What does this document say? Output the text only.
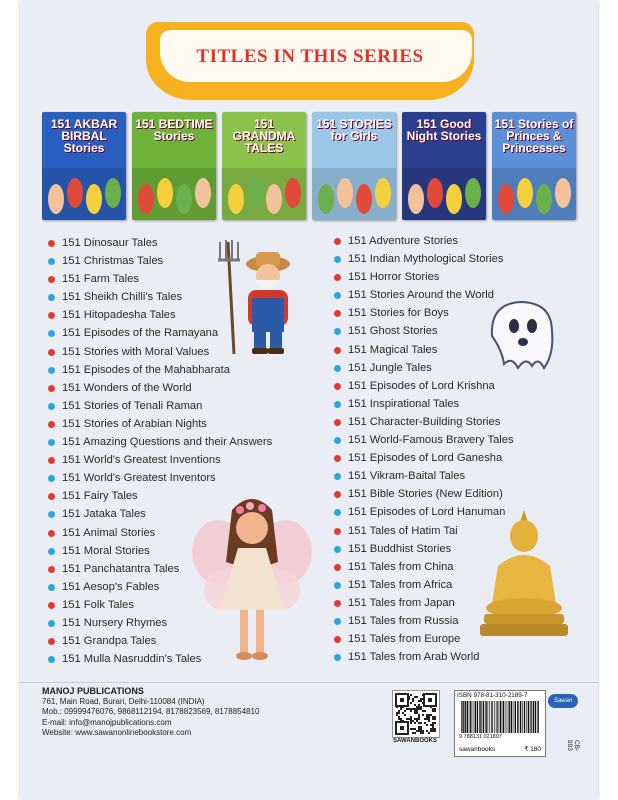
TITLES IN THIS SERIES
151 AKBAR BIRBAL Stories
151 BEDTIME Stories
151 GRANDMA TALES
151 STORIES for Girls
151 Good Night Stories
151 Stories of Princes & Princesses
151 Dinosaur Tales
151 Christmas Tales
151 Farm Tales
151 Sheikh Chilli's Tales
151 Hitopadesha Tales
151 Episodes of the Ramayana
151 Stories with Moral Values
151 Episodes of the Mahabharata
151 Wonders of the World
151 Stories of Tenali Raman
151 Stories of Arabian Nights
151 Amazing Questions and their Answers
151 World's Greatest Inventions
151 World's Greatest Inventors
151 Fairy Tales
151 Jataka Tales
151 Animal Stories
151 Moral Stories
151 Panchatantra Tales
151 Aesop's Fables
151 Folk Tales
151 Nursery Rhymes
151 Grandpa Tales
151 Mulla Nasruddin's Tales
151 Adventure Stories
151 Indian Mythological Stories
151 Horror Stories
151 Stories Around the World
151 Stories for Boys
151 Ghost Stories
151 Magical Tales
151 Jungle Tales
151 Episodes of Lord Krishna
151 Inspirational Tales
151 Character-Building Stories
151 World-Famous Bravery Tales
151 Episodes of Lord Ganesha
151 Vikram-Baital Tales
151 Bible Stories (New Edition)
151 Episodes of Lord Hanuman
151 Tales of Hatim Tai
151 Buddhist Stories
151 Tales from China
151 Tales from Africa
151 Tales from Japan
151 Tales from Russia
151 Tales from Europe
151 Tales from Arab World
MANOJ PUBLICATIONS
761, Main Road, Burari, Delhi-110084 (INDIA)
Mob.: 09999476076, 9868112194, 8178823569, 8178854810
E-mail: info@manojpublications.com
Website: www.sawanonlinebookstore.com
SAWANBOOKS
ISBN 978-81-310-2189-7
9 788131 021897
sawanbooks	₹ 180
Sawan
CB-993
